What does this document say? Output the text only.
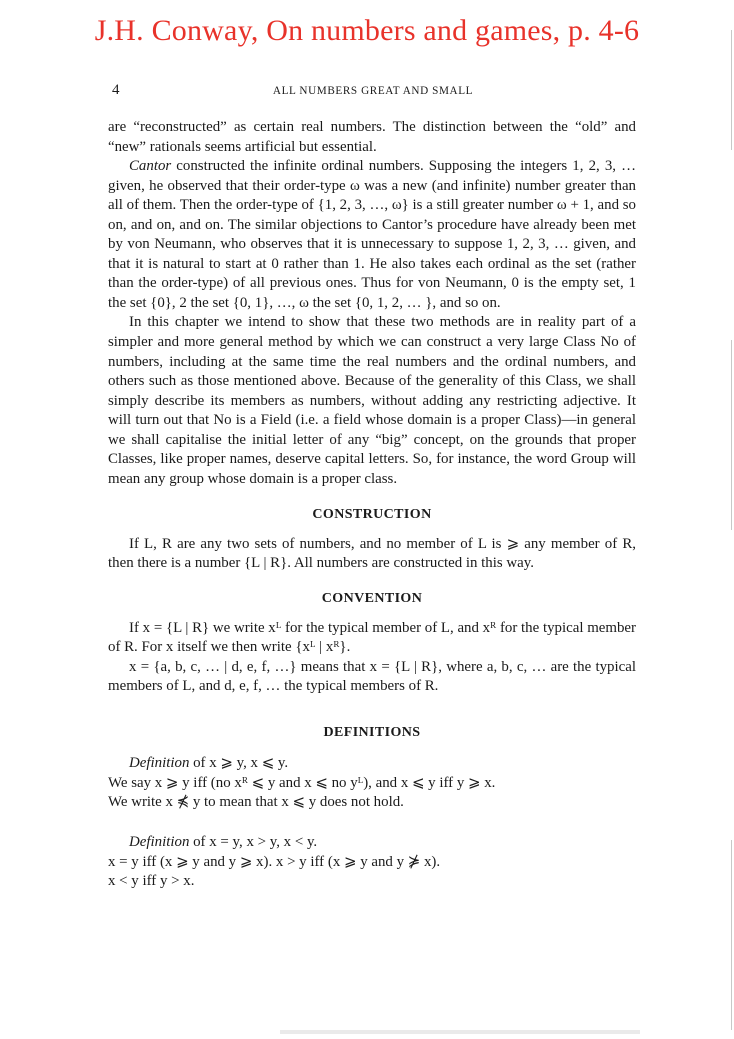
J.H. Conway, On numbers and games, p. 4-6
4	ALL NUMBERS GREAT AND SMALL

are “reconstructed” as certain real numbers. The distinction between the “old” and “new” rationals seems artificial but essential.

Cantor constructed the infinite ordinal numbers. Supposing the integers 1, 2, 3, … given, he observed that their order-type ω was a new (and infinite) number greater than all of them. Then the order-type of {1, 2, 3, …, ω} is a still greater number ω + 1, and so on, and on, and on. The similar objections to Cantor’s procedure have already been met by von Neumann, who observes that it is unnecessary to suppose 1, 2, 3, … given, and that it is natural to start at 0 rather than 1. He also takes each ordinal as the set (rather than the order-type) of all previous ones. Thus for von Neumann, 0 is the empty set, 1 the set {0}, 2 the set {0, 1}, …, ω the set {0, 1, 2, … }, and so on.

In this chapter we intend to show that these two methods are in reality part of a simpler and more general method by which we can construct a very large Class No of numbers, including at the same time the real numbers and the ordinal numbers, and others such as those mentioned above. Because of the generality of this Class, we shall simply describe its members as numbers, without adding any restricting adjective. It will turn out that No is a Field (i.e. a field whose domain is a proper Class)—in general we shall capitalise the initial letter of any “big” concept, on the grounds that proper Classes, like proper names, deserve capital letters. So, for instance, the word Group will mean any group whose domain is a proper class.

CONSTRUCTION

If L, R are any two sets of numbers, and no member of L is ⩾ any member of R, then there is a number {L | R}. All numbers are constructed in this way.

CONVENTION

If x = {L | R} we write xᴸ for the typical member of L, and xᴿ for the typical member of R. For x itself we then write {xᴸ | xᴿ}.

x = {a, b, c, … | d, e, f, …} means that x = {L | R}, where a, b, c, … are the typical members of L, and d, e, f, … the typical members of R.

DEFINITIONS

Definition of x ⩾ y, x ⩽ y.

We say x ⩾ y iff (no xᴿ ⩽ y and x ⩽ no yᴸ), and x ⩽ y iff y ⩾ x.

We write x ⋠ y to mean that x ⩽ y does not hold.

Definition of x = y, x > y, x < y.

x = y iff (x ⩾ y and y ⩾ x). x > y iff (x ⩾ y and y ⋡ x).

x < y iff y > x.
